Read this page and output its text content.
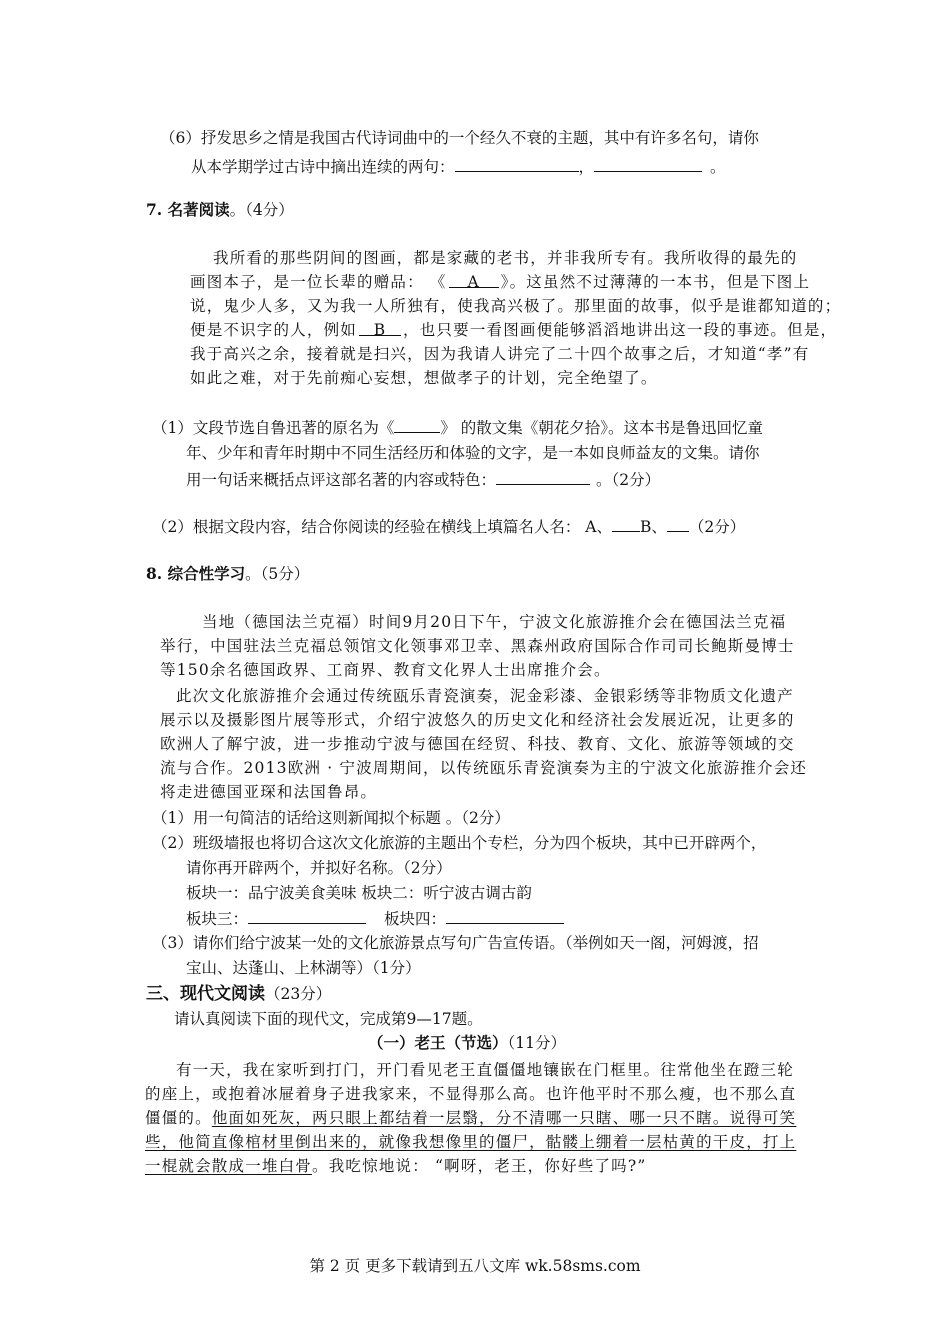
（6）抒发思乡之情是我国古代诗词曲中的一个经久不衰的主题，其中有许多名句，请你
从本学期学过古诗中摘出连续的两句：	，	。
7. 名著阅读。（4分）
我所看的那些阴间的图画，都是家藏的老书，并非我所专有。我所收得的最先的
画图本子，是一位长辈的赠品： 《 A 》。这虽然不过薄薄的一本书，但是下图上
说，鬼少人多，又为我一人所独有，使我高兴极了。那里面的故事，似乎是谁都知道的；
便是不识字的人，例如 B ，也只要一看图画便能够滔滔地讲出这一段的事迹。但是，
我于高兴之余，接着就是扫兴，因为我请人讲完了二十四个故事之后，才知道“孝”有
如此之难，对于先前痴心妄想，想做孝子的计划，完全绝望了。
（1）文段节选自鲁迅著的原名为《	》 的散文集《朝花夕拾》。这本书是鲁迅回忆童
年、少年和青年时期中不同生活经历和体验的文字，是一本如良师益友的文集。请你
用一句话来概括点评这部名著的内容或特色：	。（2分）
（2）根据文段内容，结合你阅读的经验在横线上填篇名人名： A、 B、 （2分）
8. 综合性学习。（5分）
当地（德国法兰克福）时间9月20日下午，宁波文化旅游推介会在德国法兰克福
举行，中国驻法兰克福总领馆文化领事邓卫幸、黑森州政府国际合作司司长鲍斯曼博士
等150余名德国政界、工商界、教育文化界人士出席推介会。
此次文化旅游推介会通过传统瓯乐青瓷演奏，泥金彩漆、金银彩绣等非物质文化遗产
展示以及摄影图片展等形式，介绍宁波悠久的历史文化和经济社会发展近况，让更多的
欧洲人了解宁波，进一步推动宁波与德国在经贸、科技、教育、文化、旅游等领域的交
流与合作。2013欧洲 · 宁波周期间，以传统瓯乐青瓷演奏为主的宁波文化旅游推介会还
将走进德国亚琛和法国鲁昂。
（1）用一句简洁的话给这则新闻拟个标题 。（2分）
（2）班级墙报也将切合这次文化旅游的主题出个专栏，分为四个板块，其中已开辟两个，
请你再开辟两个，并拟好名称。（2分）
板块一：品宁波美食美味 板块二：听宁波古调古韵
板块三：	板块四：
（3）请你们给宁波某一处的文化旅游景点写句广告宣传语。（举例如天一阁，河姆渡，招
宝山、达蓬山、上林湖等）（1分）
三、现代文阅读（23分）
请认真阅读下面的现代文，完成第9—17题。
（一）老王（节选）（11分）
有一天，我在家听到打门，开门看见老王直僵僵地镶嵌在门框里。往常他坐在蹬三轮
的座上，或抱着冰屉着身子进我家来，不显得那么高。也许他平时不那么瘦，也不那么直
僵僵的。他面如死灰，两只眼上都结着一层翳，分不清哪一只瞎、哪一只不瞎。说得可笑
些，他简直像棺材里倒出来的，就像我想像里的僵尸，骷髅上绷着一层枯黄的干皮，打上
一棍就会散成一堆白骨。我吃惊地说： “啊呀，老王，你好些了吗?”
第 2 页 更多下载请到五八文库 wk.58sms.com
